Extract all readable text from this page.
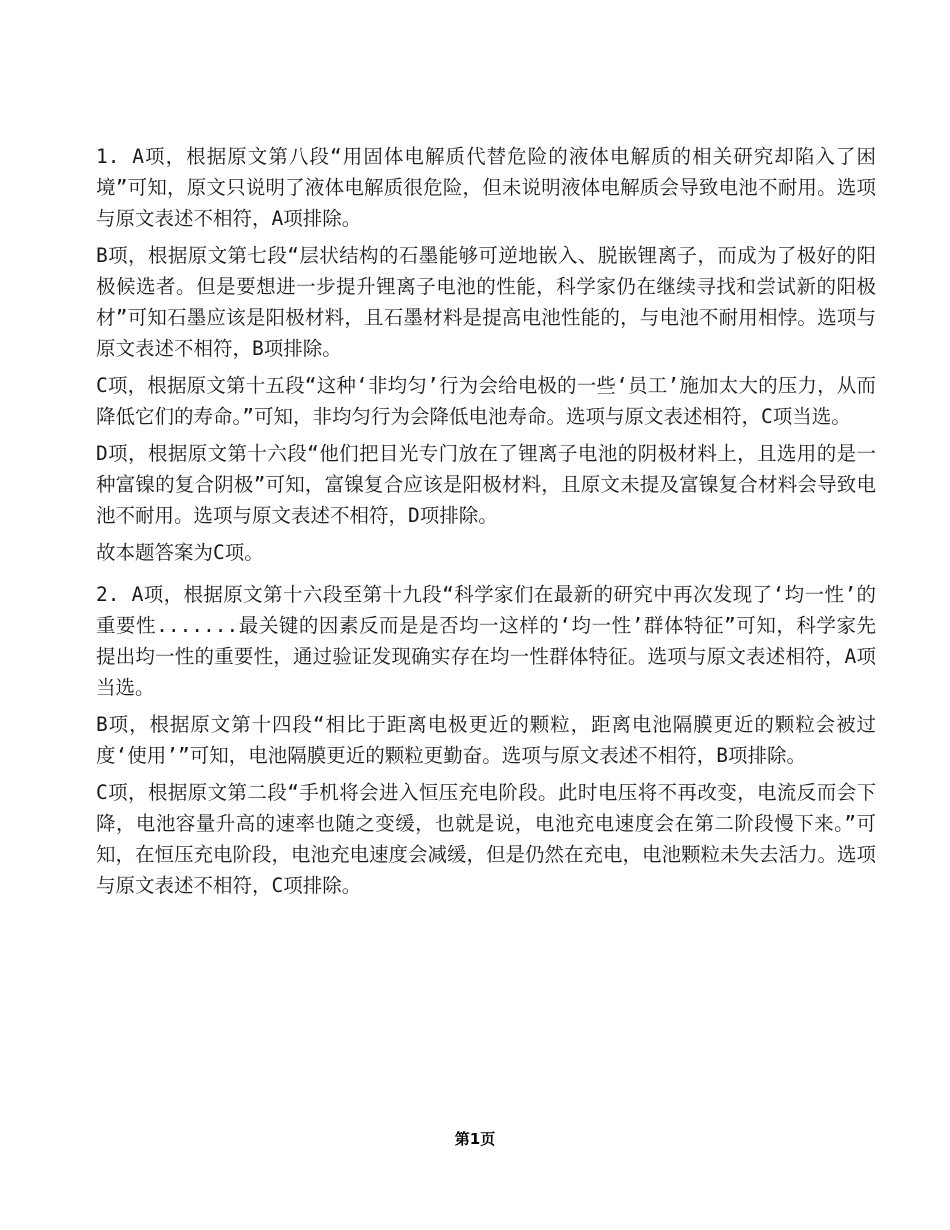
1. A项，根据原文第八段“用固体电解质代替危险的液体电解质的相关研究却陷入了困境”可知，原文只说明了液体电解质很危险，但未说明液体电解质会导致电池不耐用。选项与原文表述不相符，A项排除。

B项，根据原文第七段“层状结构的石墨能够可逆地嵌入、脱嵌锂离子，而成为了极好的阳极候选者。但是要想进一步提升锂离子电池的性能，科学家仍在继续寻找和尝试新的阳极材”可知石墨应该是阳极材料，且石墨材料是提高电池性能的，与电池不耐用相悖。选项与原文表述不相符，B项排除。

C项，根据原文第十五段“这种‘非均匀’行为会给电极的一些‘员工’施加太大的压力，从而降低它们的寿命。”可知，非均匀行为会降低电池寿命。选项与原文表述相符，C项当选。

D项，根据原文第十六段“他们把目光专门放在了锂离子电池的阴极材料上，且选用的是一种富镍的复合阴极”可知，富镍复合应该是阳极材料，且原文未提及富镍复合材料会导致电池不耐用。选项与原文表述不相符，D项排除。

故本题答案为C项。

2. A项，根据原文第十六段至第十九段“科学家们在最新的研究中再次发现了‘均一性’的重要性.......最关键的因素反而是是否均一这样的‘均一性’群体特征”可知，科学家先提出均一性的重要性，通过验证发现确实存在均一性群体特征。选项与原文表述相符，A项当选。

B项，根据原文第十四段“相比于距离电极更近的颗粒，距离电池隔膜更近的颗粒会被过度‘使用’”可知，电池隔膜更近的颗粒更勤奋。选项与原文表述不相符，B项排除。

C项，根据原文第二段“手机将会进入恒压充电阶段。此时电压将不再改变，电流反而会下降，电池容量升高的速率也随之变缓，也就是说，电池充电速度会在第二阶段慢下来。”可知，在恒压充电阶段，电池充电速度会减缓，但是仍然在充电，电池颗粒未失去活力。选项与原文表述不相符，C项排除。

第1页
